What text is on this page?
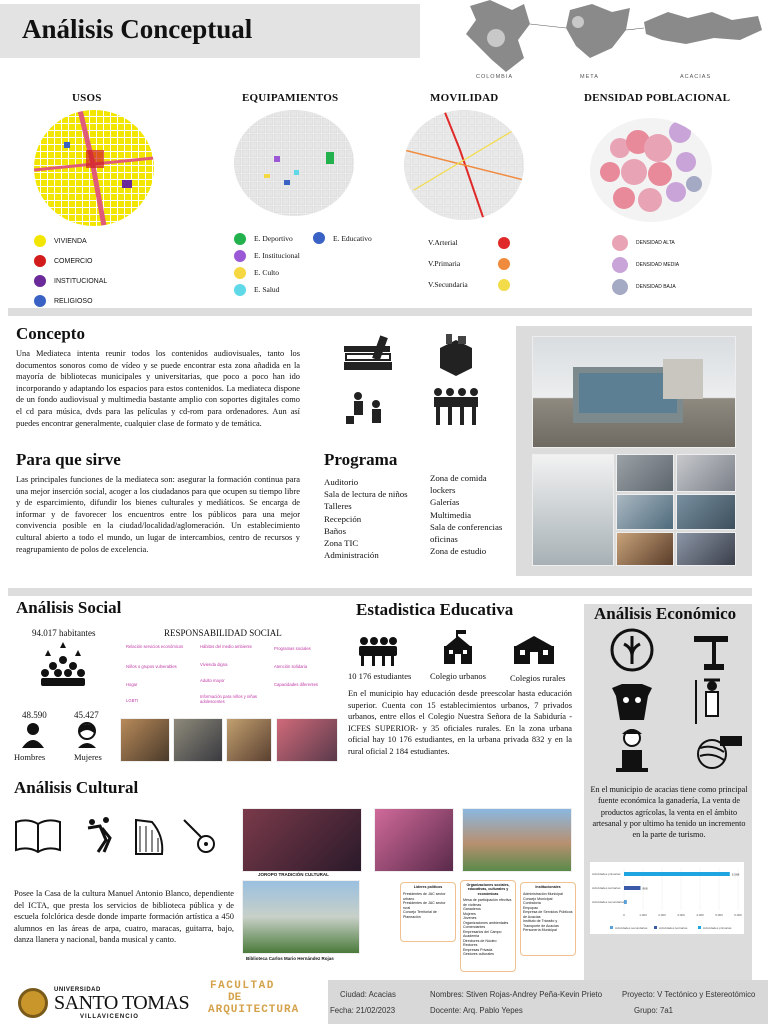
Análisis Conceptual
COLOMBIA	META	ACACIAS
USOS	EQUIPAMIENTOS	MOVILIDAD	DENSIDAD POBLACIONAL
VIVIENDA
COMERCIO
INSTITUCIONAL
RELIGIOSO
E. Deportivo
E. Institucional
E. Culto
E. Salud
E. Educativo	V.Arterial
V.Primaria
V.Secundaria
DENSIDAD ALTA
DENSIDAD MEDIA
DENSIDAD BAJA
Concepto
Una Mediateca intenta reunir todos los contenidos audiovisuales, tanto los documentos sonoros como de vídeo y se puede encontrar esta zona añadida en la mayoría de bibliotecas municipales y universitarias, que poco a poco han ido incorporando y adaptando los espacios para estos contenidos. La mediateca dispone de un fondo audiovisual y multimedia bastante amplio con soportes digitales como el cd para música, dvds para las películas y cd-rom para ordenadores. Aun así puedes encontrar generalmente, cualquier clase de formato y de temática.
Para que sirve
Las principales funciones de la mediateca son: asegurar la formación continua para una mejor inserción social, acoger a los ciudadanos para que ocupen su tiempo libre y de esparcimiento, difundir los bienes culturales y mediáticos. Se encarga de informar y de favorecer los encuentros entre los públicos para una mejor convivencia posible en la ciudad/localidad/aglomeración. Un establecimiento cultural abierto a todo el mundo, un lugar de intercambios, centro de recursos y reagrupamiento de polos de excelencia.
Programa
Auditorio
Sala de lectura de niños
Talleres
Recepción
Baños
Zona TIC
Administración
Zona de comida
lockers
Galerías
Multimedia
Sala de conferencias oficinas
Zona de estudio
Análisis Social
94.017 habitantes
48.590	45.427
Hombres	Mujeres
RESPONSABILIDAD SOCIAL
Relación servicios económicos
Niños o grupos vulnerables
Hogar
LGBTI
Hábitos del medio ambiente
Vivienda digna
Adulto mayor
Información para niños y niñas adolescentes
Programas sociales
Atención solidaria
Capacidades diferentes
Estadistica Educativa
10 176 estudiantes Colegio urbanos	Colegios rurales
En el municipio hay educación desde preescolar hasta educación superior. Cuenta con 15 establecimientos urbanos, 7 privados urbanos, entre ellos el Colegio Nuestra Señora de la Sabiduría -ICFES SUPERIOR- y 35 oficiales rurales. En la zona urbana oficial hay 10 176 estudiantes, en la urbana privada 832 y en la rural oficial 2 184 estudiantes.
Análisis Económico
En el municipio de acacias tiene como principal fuente económica la ganadería, La venta de productos agrícolas, la venta en el ámbito artesanal y por ultimo ha tenido un incremento en la parte de turismo.
0	1.000	2.000	3.000	4.000	5.000	6.000
Actividades primarias	5.568
Actividades terciarias	868
Actividades secundarias
Actividades secundarias	Actividades terciarias	Actividades primarias
Análisis Cultural
Posee la Casa de la cultura Manuel Antonio Blanco, dependiente del ICTA, que presta los servicios de biblioteca pública y de escuela folclórica desde donde imparte formación artística a 450 alumnos en las áreas de arpa, cuatro, maracas, guitarra, bajo, danza llanera y nacional, banda musical y canto.
JOROPO TRADICIÓN CULTURAL
Biblioteca Carlos Mario Hernández Rojas
Líderes políticos
Presidentes de JAC sector urbano
Presidentes de JAC sector rural
Concejo Territorial de Planeación
Organizaciones sociales, educativas, culturales y económicas
Mesa de participación efectiva de víctimas
Ganaderos
Mujeres
Jóvenes
Organizaciones ambientales
Comerciantes
Empresarios del Campo
Academia
Directores de Núcleo
Rectores
Empresas Privada
Gestores culturales
Institucionales
Administración Municipal
Concejo Municipal
Contraloría
Empopac
Empresa de Servicios Públicos de Acacías
Instituto de Tránsito y Transporte de Acacías
Personería Municipal
UNIVERSIDAD
SANTO TOMAS
VILLAVICENCIO
FACULTAD
DE
ARQUITECTURA
Ciudad: Acacias
Fecha: 21/02/2023
Nombres: Stiven Rojas-Andrey Peña-Kevin Prieto
Docente: Arq. Pablo Yepes
Proyecto: V Tectónico y Estereotómico
Grupo: 7a1
